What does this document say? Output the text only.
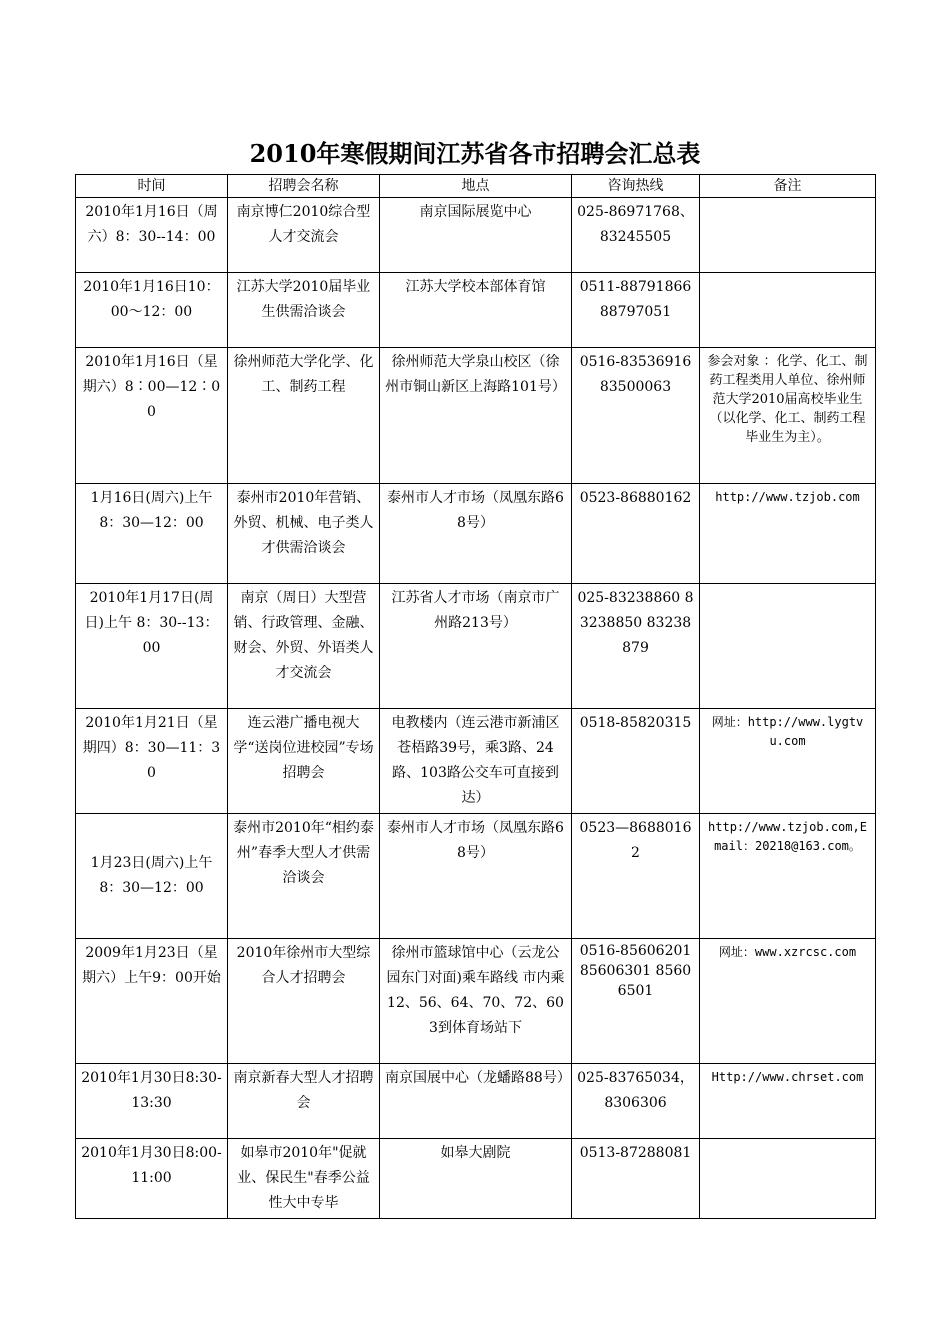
2010年寒假期间江苏省各市招聘会汇总表
时间	招聘会名称	地点	咨询热线	备注
2010年1月16日（周六）8：30--14：00	南京博仁2010综合型人才交流会	南京国际展览中心	025-86971768、83245505	
2010年1月16日10：00～12：00	江苏大学2010届毕业生供需洽谈会	江苏大学校本部体育馆	0511-8879186688797051	
2010年1月16日（星期六）8∶00—12∶00	徐州师范大学化学、化工、制药工程	徐州师范大学泉山校区（徐州市铜山新区上海路101号）	0516-8353691683500063	参会对象 ：化学、化工、制药工程类用人单位、徐州师范大学2010届高校毕业生（以化学、化工、制药工程毕业生为主）。
1月16日(周六)上午8：30—12：00	泰州市2010年营销、外贸、机械、电子类人才供需洽谈会	泰州市人才市场（凤凰东路68号）	0523-86880162	http://www.tzjob.com
2010年1月17日(周日)上午 8：30--13：00	南京（周日）大型营销、行政管理、金融、财会、外贸、外语类人才交流会	江苏省人才市场（南京市广州路213号）	025-83238860 83238850 83238879	
2010年1月21日（星期四）8：30—11：30	连云港广播电视大学“送岗位进校园”专场招聘会	电教楼内（连云港市新浦区苍梧路39号，乘3路、24路、103路公交车可直接到达）	0518-85820315	网址：http://www.lygtvu.com
1月23日(周六)上午8：30—12：00	泰州市2010年“相约泰州”春季大型人才供需洽谈会	泰州市人才市场（凤凰东路68号）	0523—86880162	http://www.tzjob.com,Email：20218@163.com。
2009年1月23日（星期六）上午9：00开始	2010年徐州市大型综合人才招聘会	徐州市篮球馆中心（云龙公园东门对面)乘车路线 市内乘12、56、64、70、72、603到体育场站下	0516-85606201 85606301 85606501	网址：www.xzrcsc.com
2010年1月30日8:30-13:30	南京新春大型人才招聘会	南京国展中心（龙蟠路88号）	025-83765034，8306306	Http://www.chrset.com
2010年1月30日8:00-11:00	如皋市2010年"促就业、保民生"春季公益性大中专毕	如皋大剧院	0513-87288081	
